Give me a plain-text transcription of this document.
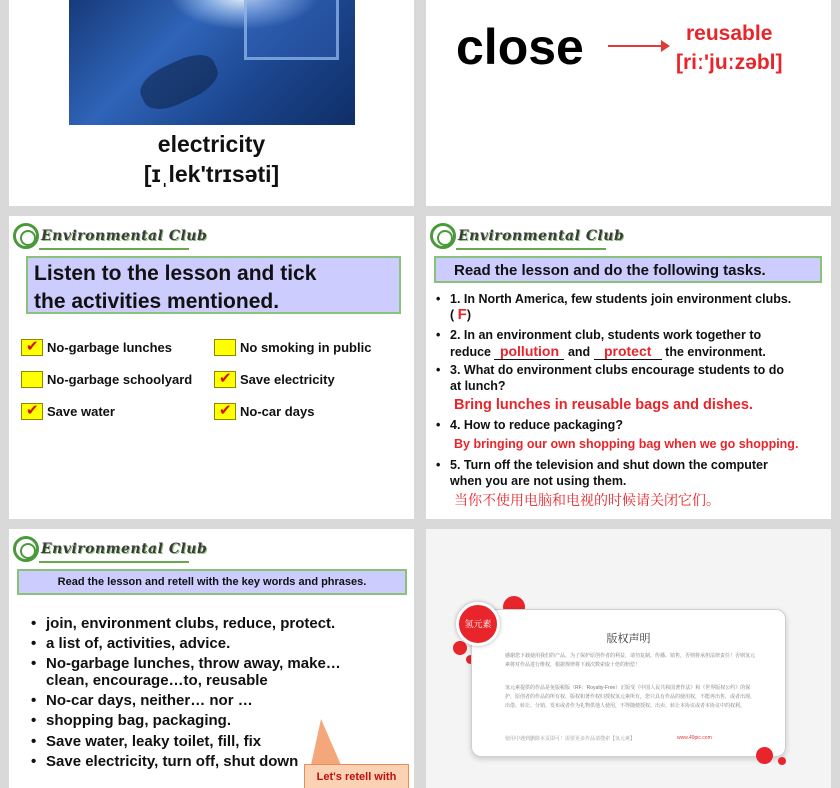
electricity
[ɪˌlek'trɪsəti]
close	reusable
[riː'juːzəbl]
Environmental Club
Listen to the lesson and tick
the activities mentioned.
✔ No-garbage lunches	No smoking in public
No-garbage schoolyard ✔ Save electricity
✔ Save water	✔ No-car days
Environmental Club
Read the lesson and do the following tasks.
• 1. In North America, few students join environment clubs.
( F)
• 2. In an environment club, students work together to
reduce pollution and protect the environment.
• 3. What do environment clubs encourage students to do
at lunch?
Bring lunches in reusable bags and dishes.
• 4. How to reduce packaging?
By bringing our own shopping bag when we go shopping.
• 5. Turn off the television and shut down the computer
when you are not using them.
当你不使用电脑和电视的时候请关闭它们。
Environmental Club
Read the lesson and retell with the key words and phrases.
• join, environment clubs, reduce, protect.
• a list of, activities, advice.
• No-garbage lunches, throw away, make…
clean, encourage…to, reusable
• No-car days, neither… nor …
• shopping bag, packaging.
• Save water, leaky toilet, fill, fix
• Save electricity, turn off, shut down
Let's retell with
版权声明
感谢您下载使用我们的产品，为了保护原创作者的利益，请勿复制、传播、销售，否则将承担法律责任！否则氢元素将对作品进行维权，根据规律将下载次数索取十倍的赔偿！
氢元素提供的作品是免版税版（RF：Royalty-Free）正版受《中国人民共和国著作法》和《世界版权公约》的保护，原创者的作品的所有权、版权和著作权归授权氢元素所有，您只具有作品的使用权，不能再出售，或者出现、出借、转让、分销、发布或者作为礼物供他人使用，不得随便授权、出卖、转让本协议或者本协议中的权利。
使用中遇到删除本页即可！需要更多作品请搜索【氢元素】	www.49pic.com
氢元素
